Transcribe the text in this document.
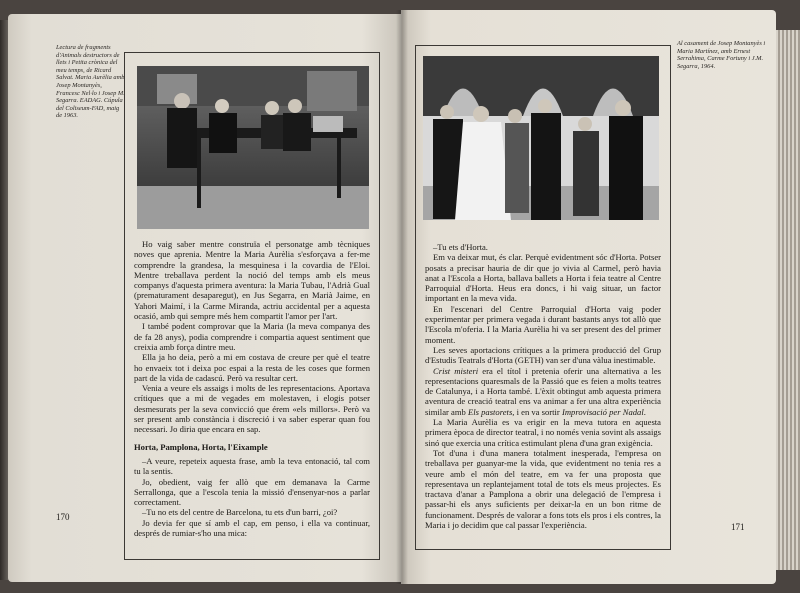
Lectura de fragments d'Animals destructors de llets i Petita crònica del meu temps, de Ricard Salvat. Maria Aurèlia amb Josep Montanyès, Francesc Nel·lo i Josep M. Segarra. EADAG. Cúpula del Coliseum-FAD, maig de 1963.

Ho vaig saber mentre construïa el personatge amb tècniques noves que aprenia. Mentre la Maria Aurèlia s'esforçava a fer-me comprendre la grandesa, la mesquinesa i la covardia de l'Eloi. Mentre treballava perdent la noció del temps amb els meus companys d'aquesta primera aventura: la Maria Tubau, l'Adrià Gual (prematurament desaparegut), en Jus Segarra, en Marià Jaime, en Yahori Maimí, i la Carme Miranda, actriu accidental per a aquesta ocasió, amb qui sempre més hem compartit l'amor per l'art.

I també podent comprovar que la Maria (la meva companya des de fa 28 anys), podia comprendre i compartia aquest sentiment que creixia amb força dintre meu.

Ella ja ho deia, però a mi em costava de creure per què el teatre ho envaeix tot i deixa poc espai a la resta de les coses que formen part de la vida de cadascú. Però va resultar cert.

Venia a veure els assaigs i molts de les representacions. Aportava crítiques que a mi de vegades em molestaven, i elogis potser desmesurats per la seva convicció que érem «els millors». Però va ser present amb constància i discreció i va saber esperar quan fou necessari. Jo diria que encara en sap.

Horta, Pamplona, Horta, l'Eixample

–A veure, repeteix aquesta frase, amb la teva entonació, tal com tu la sentis.

Jo, obedient, vaig fer allò que em demanava la Carme Serrallonga, que a l'escola tenia la missió d'ensenyar-nos a parlar correctament.

–Tu no ets del centre de Barcelona, tu ets d'un barri, ¿oi?

Jo devia fer que sí amb el cap, em penso, i ella va continuar, després de rumiar-s'ho una mica:

170
Al casament de Josep Montanyès i Maria Martínez, amb Ernest Serrahima, Carme Fortuny i J.M. Segarra, 1964.

–Tu ets d'Horta.

Em va deixar mut, és clar. Perquè evidentment sóc d'Horta. Potser posats a precisar hauria de dir que jo vivia al Carmel, però havia anat a l'Escola a Horta, ballava ballets a Horta i feia teatre al Centre Parroquial d'Horta. Heus era doncs, i hi vaig situar, un factor important en la meva vida.

En l'escenari del Centre Parroquial d'Horta vaig poder experimentar per primera vegada i durant bastants anys tot allò que l'Escola m'oferia. I la Maria Aurèlia hi va ser present des del primer moment.

Les seves aportacions crítiques a la primera producció del Grup d'Estudis Teatrals d'Horta (GETH) van ser d'una vàlua inestimable.

Crist misteri era el títol i pretenia oferir una alternativa a les representacions quaresmals de la Passió que es feien a molts teatres de Catalunya, i a Horta també. L'èxit obtingut amb aquesta primera aventura de creació teatral ens va animar a fer una altra experiència similar amb Els pastorets, i en va sortir Improvisació per Nadal.

La Maria Aurèlia es va erigir en la meva tutora en aquesta primera època de director teatral, i no només venia sovint als assaigs sinó que exercia una crítica estimulant plena d'una gran exigència.

Tot d'una i d'una manera totalment inesperada, l'empresa on treballava per guanyar-me la vida, que evidentment no tenia res a veure amb el món del teatre, em va fer una proposta que representava un replantejament total de tots els meus projectes. Es tractava d'anar a Pamplona a obrir una delegació de l'empresa i passar-hi els anys suficients per deixar-la en un bon ritme de funcionament. Després de valorar a fons tots els pros i els contres, la Maria i jo decidim que cal passar l'experiència.	171
